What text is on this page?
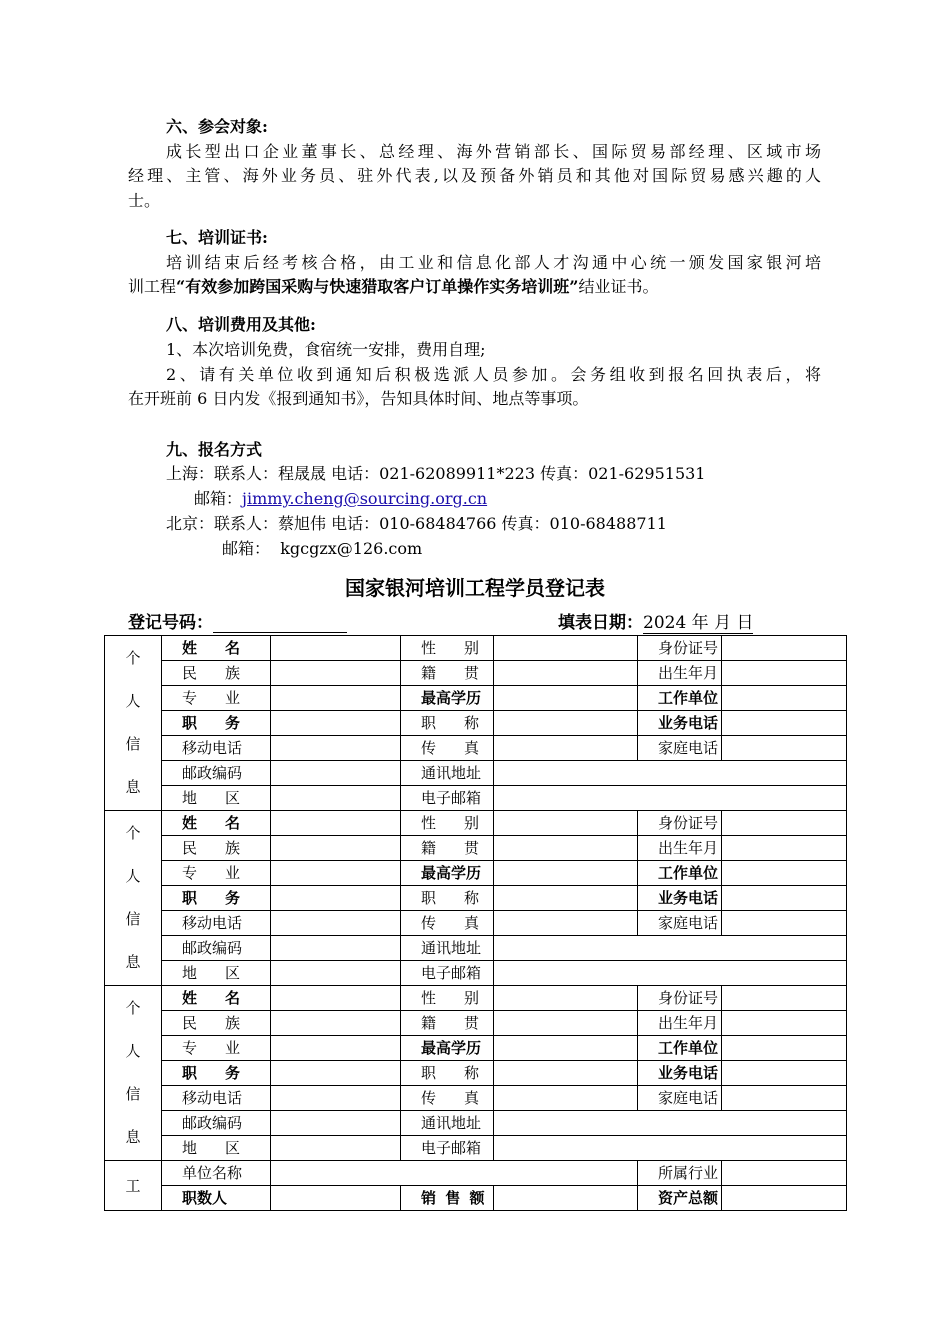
六、参会对象:
成长型出口企业董事长、总经理、海外营销部长、国际贸易部经理、区域市场
经理、主管、海外业务员、驻外代表,以及预备外销员和其他对国际贸易感兴趣的人
士。
七、培训证书:
培训结束后经考核合格，由工业和信息化部人才沟通中心统一颁发国家银河培
训工程“有效参加跨国采购与快速猎取客户订单操作实务培训班”结业证书。
八、培训费用及其他:
1、本次培训免费，食宿统一安排，费用自理;
2、请有关单位收到通知后积极选派人员参加。会务组收到报名回执表后，将
在开班前 6 日内发《报到通知书》，告知具体时间、地点等事项。
九、报名方式
上海：联系人：程晟晟 电话：021-62089911*223 传真：021-62951531
邮箱：jimmy.cheng@sourcing.org.cn
北京：联系人：蔡旭伟 电话：010-68484766 传真：010-68488711
邮箱： kgcgzx@126.com
国家银河培训工程学员登记表
登记号码：	填表日期：2024 年 月 日
个
人
信
息	姓名		性别		身份证号	
	民族		籍贯		出生年月	
	专业		最高学历		工作单位	
	职务		职称		业务电话	
	移动电话		传真		家庭电话	
	邮政编码		通讯地址			
	地区		电子邮箱			

个
人
信
息	姓名		性别		身份证号	
	民族		籍贯		出生年月	
	专业		最高学历		工作单位	
	职务		职称		业务电话	
	移动电话		传真		家庭电话	
	邮政编码		通讯地址			
	地区		电子邮箱			

个
人
信
息	姓名		性别		身份证号	
	民族		籍贯		出生年月	
	专业		最高学历		工作单位	
	职务		职称		业务电话	
	移动电话		传真		家庭电话	
	邮政编码		通讯地址			
	地区		电子邮箱			
工	单位名称				所属行业	
	职数人		销 售 额		资产总额	
